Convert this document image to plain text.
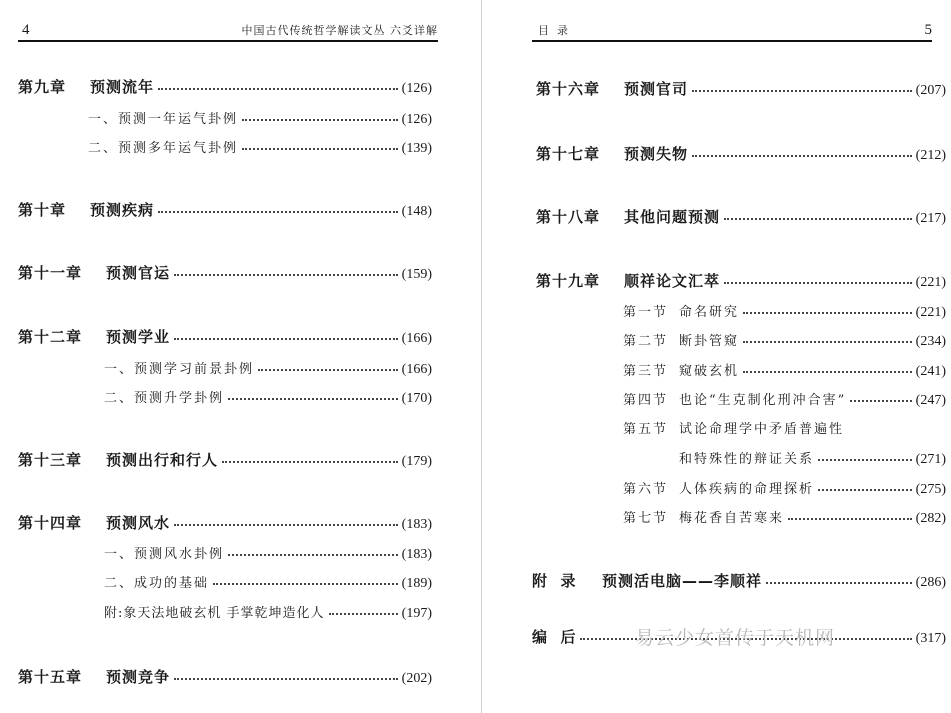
4	中国古代传统哲学解读文丛 六爻详解
第九章 预测流年	(126)
一、预测一年运气卦例	(126)
二、预测多年运气卦例	(139)
第十章 预测疾病	(148)
第十一章 预测官运	(159)
第十二章 预测学业	(166)
一、预测学习前景卦例	(166)
二、预测升学卦例	(170)
第十三章 预测出行和行人	(179)
第十四章 预测风水	(183)
一、预测风水卦例	(183)
二、成功的基础	(189)
附:象天法地破玄机 手掌乾坤造化人	(197)
第十五章 预测竞争	(202)
目录	5
第十六章 预测官司	(207)
第十七章 预测失物	(212)
第十八章 其他问题预测	(217)
第十九章 顺祥论文汇萃	(221)
第一节 命名研究	(221)
第二节 断卦管窥	(234)
第三节 窥破玄机	(241)
第四节 也论“生克制化刑冲合害”	(247)
第五节 试论命理学中矛盾普遍性
和特殊性的辩证关系	(271)
第六节 人体疾病的命理探析	(275)
第七节 梅花香自苦寒来	(282)
附  录 预测活电脑——李顺祥	(286)
编  后	(317)
易云少女首传于天机网
